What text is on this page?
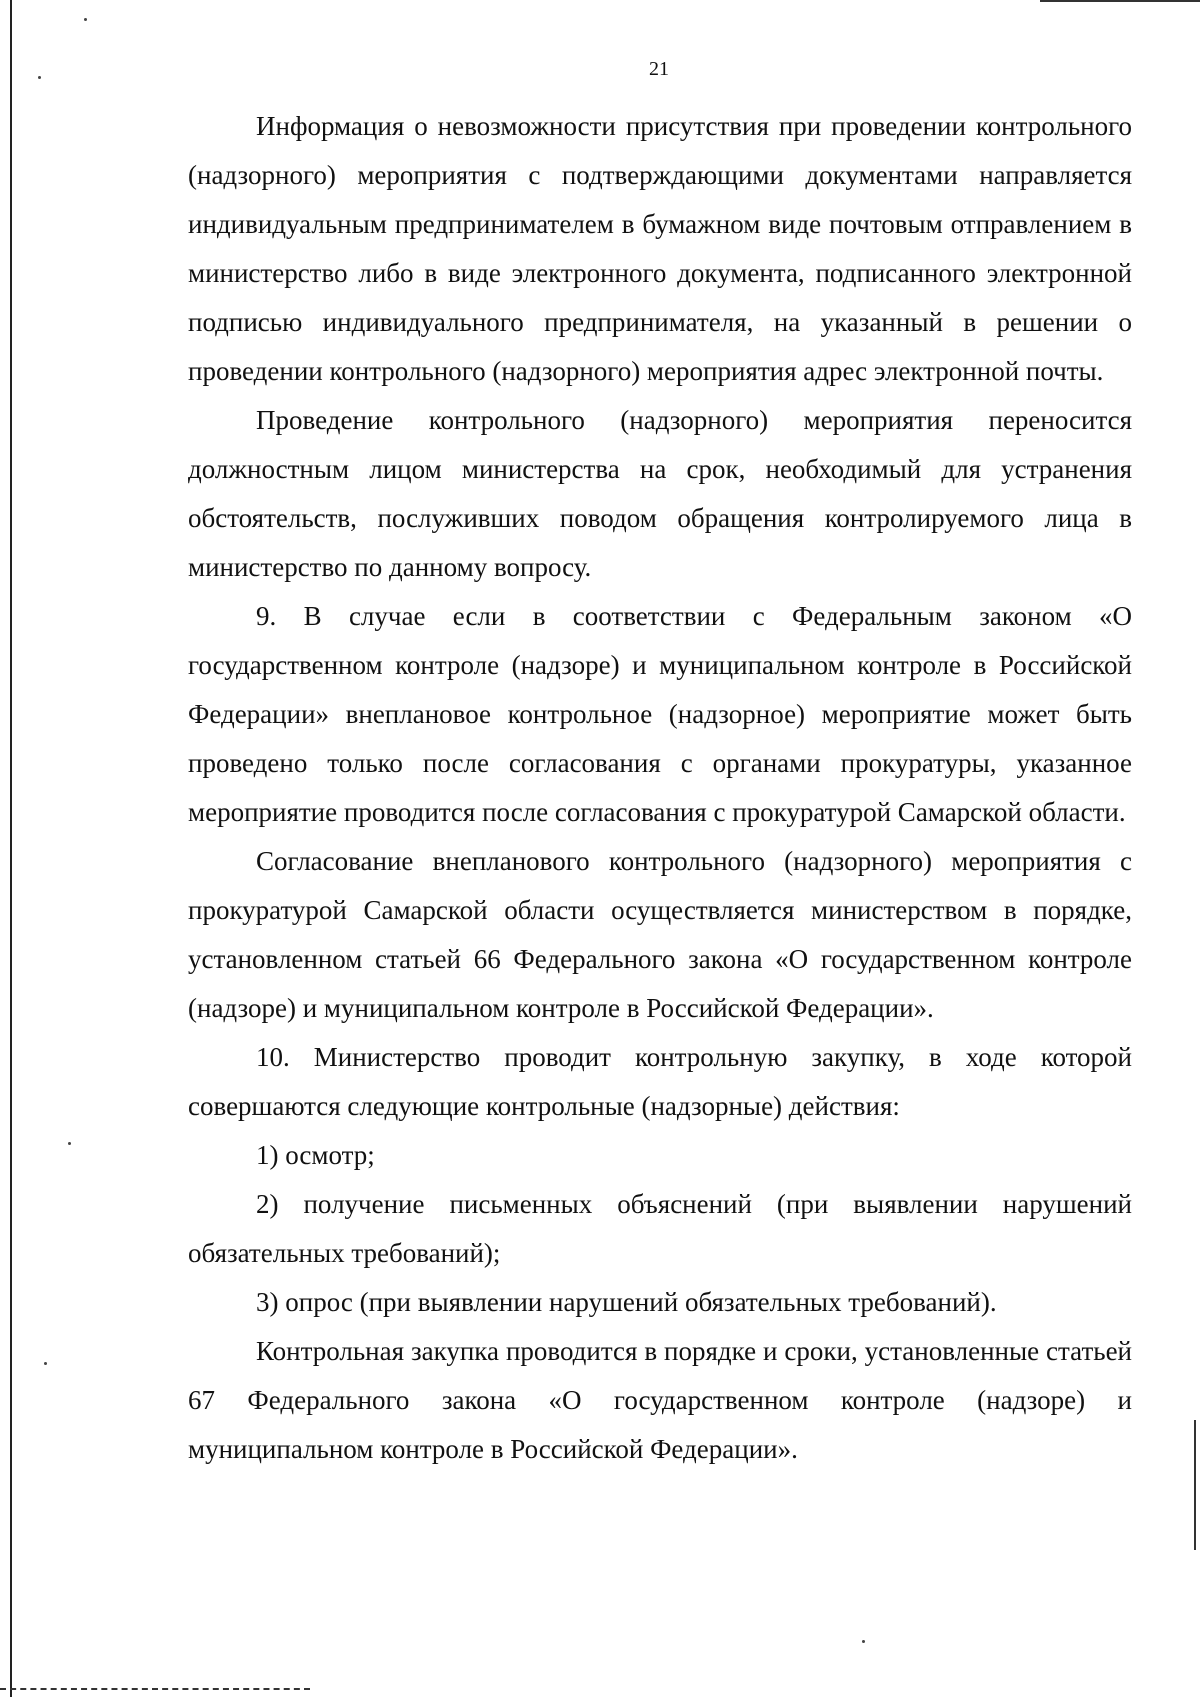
21

Информация о невозможности присутствия при проведении контрольного (надзорного) мероприятия с подтверждающими документами направляется индивидуальным предпринимателем в бумажном виде почтовым отправлением в министерство либо в виде электронного документа, подписанного электронной подписью индивидуального предпринимателя, на указанный в решении о проведении контрольного (надзорного) мероприятия адрес электронной почты.

Проведение контрольного (надзорного) мероприятия переносится должностным лицом министерства на срок, необходимый для устранения обстоятельств, послуживших поводом обращения контролируемого лица в министерство по данному вопросу.

9. В случае если в соответствии с Федеральным законом «О государственном контроле (надзоре) и муниципальном контроле в Российской Федерации» внеплановое контрольное (надзорное) мероприятие может быть проведено только после согласования с органами прокуратуры, указанное мероприятие проводится после согласования с прокуратурой Самарской области.

Согласование внепланового контрольного (надзорного) мероприятия с прокуратурой Самарской области осуществляется министерством в порядке, установленном статьей 66 Федерального закона «О государственном контроле (надзоре) и муниципальном контроле в Российской Федерации».

10. Министерство проводит контрольную закупку, в ходе которой совершаются следующие контрольные (надзорные) действия:

1) осмотр;

2) получение письменных объяснений (при выявлении нарушений обязательных требований);

3) опрос (при выявлении нарушений обязательных требований).

Контрольная закупка проводится в порядке и сроки, установленные статьей 67 Федерального закона «О государственном контроле (надзоре) и муниципальном контроле в Российской Федерации».
